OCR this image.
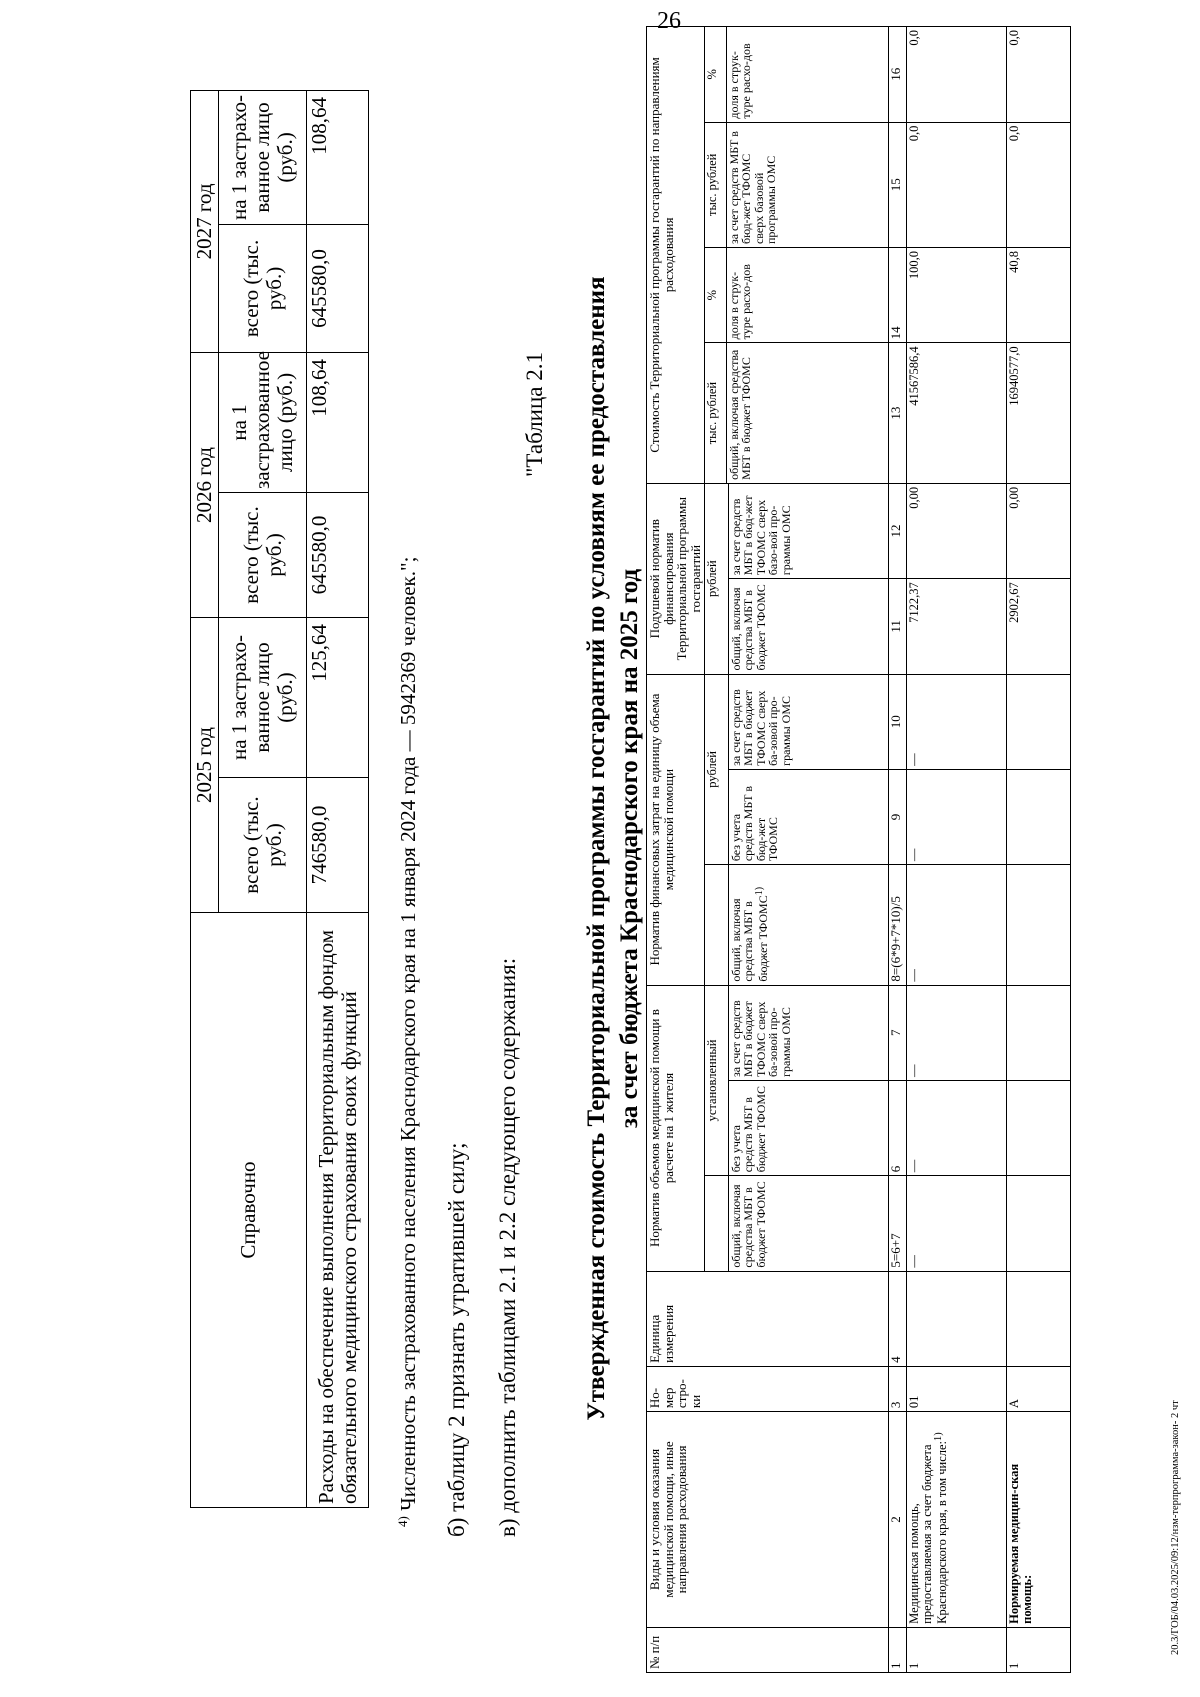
26
20.3/ГОБ/04.03.2025/09:12/нзм-терпрограмма-закон- 2 чт
Справочно	2025 год		2026 год		2027 год	
	всего (тыс. руб.)	на 1 застрахо-ванное лицо (руб.)	всего (тыс. руб.)	на 1 застрахованное лицо (руб.)	всего (тыс. руб.)	на 1 застрахо-ванное лицо (руб.)
Расходы на обеспечение выполнения Территориальным фондом обязательного медицинского страхования своих функций	746580,0	125,64	645580,0	108,64	645580,0	108,64
$^{4)}$ Численность застрахованного населения Краснодарского края на 1 января 2024 года — 5942369 человек."; б) таблицу 2 признать утратившей силу; в) дополнить таблицами 2.1 и 2.2 следующего содержания:
"Таблица 2.1 Утвержденная стоимость Территориальной программы госгарантий по условиям ее предоставления за счет бюджета Краснодарского края на 2025 год
№ п/п	Виды и условия оказания медицинской помощи, иные направления расходования	Но-мер стро-ки	Единица измерения	Норматив объемов медицинской помощи в расчете на 1 жителя			Норматив финансовых затрат на единицу объема медицинской помощи			Подушевой норматив финансирования Территориальной программы госгарантий		Стоимость Территориальной программы госгарантий по направлениям расходования			
					установленный			рублей		рублей		тыс. рублей	%	тыс. рублей	%
												общий, включая средства МБТ в бюджет ТФОМС	доля в струк-туре расхо-дов	за счет средств МБТ в бюд-жет ТФОМС сверх базовой программы ОМС	доля в струк-туре расхо-дов
				общий, включая средства МБТ в бюджет ТФОМС	без учета средств МБТ в бюджет ТФОМС	за счет средств МБТ в бюджет ТФОМС сверх ба-зовой про-граммы ОМС	общий, включая средства МБТ в бюджет ТФОМС$^{1)}$	без учета средств МБТ в бюд-жет ТФОМС	за счет средств МБТ в бюджет ТФОМС сверх ба-зовой про-граммы ОМС	общий, включая средства МБТ в бюджет ТФОМС	за счет средств МБТ в бюд-жет ТФОМС сверх базо-вой про-граммы ОМС				
1	2	3	4	5=6+7	6	7	8=(6*9+7*10)/5	9	10	11	12	13	14	15	16
1	Медицинская помощь, предоставляемая за счет бюджета Краснодарского края, в том числе:$^{1)}$	01		—	—	—	—	—	—	7122,37	0,00	41567586,4	100,0	0,0	0,0
1	Нормируемая медицин-ская помощь:	А								2902,67	0,00	16940577,0	40,8	0,0	0,0
